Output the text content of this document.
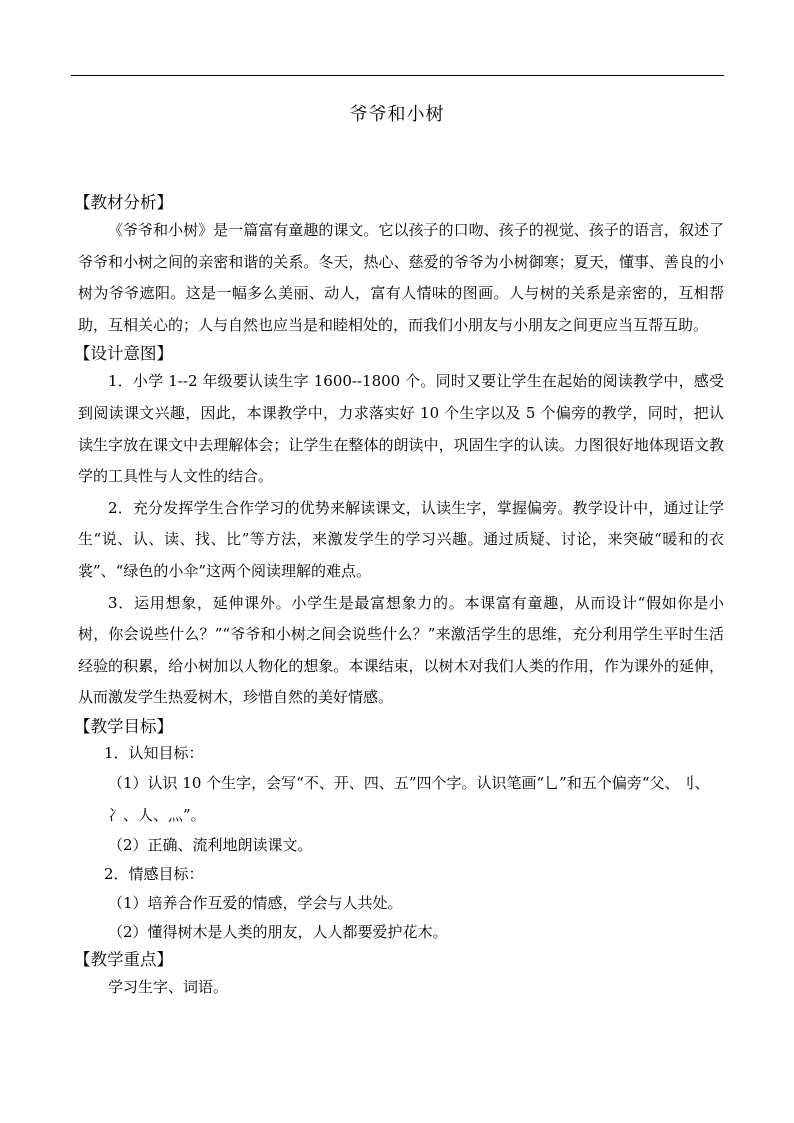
爷爷和小树

【教材分析】

《爷爷和小树》是一篇富有童趣的课文。它以孩子的口吻、孩子的视觉、孩子的语言，叙述了爷爷和小树之间的亲密和谐的关系。冬天，热心、慈爱的爷爷为小树御寒；夏天，懂事、善良的小树为爷爷遮阳。这是一幅多么美丽、动人，富有人情味的图画。人与树的关系是亲密的，互相帮助，互相关心的；人与自然也应当是和睦相处的，而我们小朋友与小朋友之间更应当互帮互助。

【设计意图】

1．小学 1--2 年级要认读生字 1600--1800 个。同时又要让学生在起始的阅读教学中，感受到阅读课文兴趣，因此，本课教学中，力求落实好 10 个生字以及 5 个偏旁的教学，同时，把认读生字放在课文中去理解体会；让学生在整体的朗读中，巩固生字的认读。力图很好地体现语文教学的工具性与人文性的结合。

2．充分发挥学生合作学习的优势来解读课文，认读生字，掌握偏旁。教学设计中，通过让学生“说、认、读、找、比”等方法，来激发学生的学习兴趣。通过质疑、讨论，来突破“暖和的衣裳”、“绿色的小伞”这两个阅读理解的难点。

3．运用想象，延伸课外。小学生是最富想象力的。本课富有童趣，从而设计“假如你是小树，你会说些什么？”“爷爷和小树之间会说些什么？”来激活学生的思维，充分利用学生平时生活经验的积累，给小树加以人物化的想象。本课结束，以树木对我们人类的作用，作为课外的延伸，从而激发学生热爱树木，珍惜自然的美好情感。

【教学目标】

1．认知目标：

（1）认识 10 个生字，会写“不、开、四、五”四个字。认识笔画“乚”和五个偏旁“父、刂、冫、人、灬”。

（2）正确、流利地朗读课文。

2．情感目标：

（1）培养合作互爱的情感，学会与人共处。

（2）懂得树木是人类的朋友，人人都要爱护花木。

【教学重点】

学习生字、词语。
